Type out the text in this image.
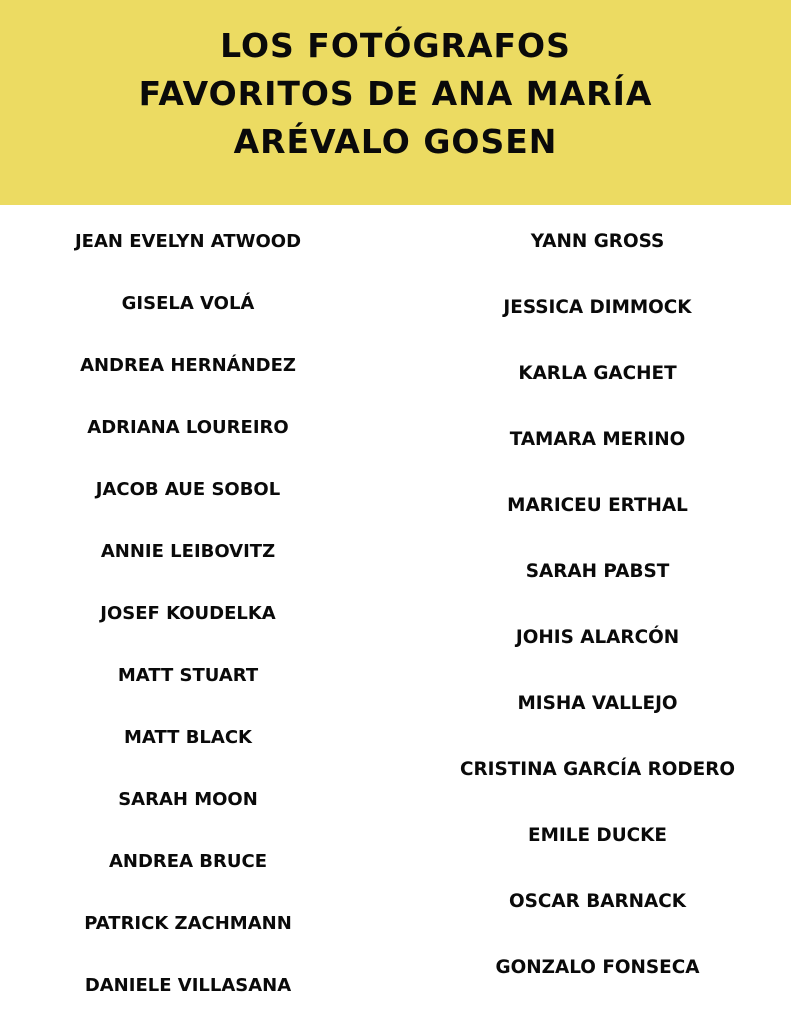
LOS FOTÓGRAFOS
FAVORITOS DE ANA MARÍA
ARÉVALO GOSEN
JEAN EVELYN ATWOOD
GISELA VOLÁ
ANDREA HERNÁNDEZ
ADRIANA LOUREIRO
JACOB AUE SOBOL
ANNIE LEIBOVITZ
JOSEF KOUDELKA
MATT STUART
MATT BLACK
SARAH MOON
ANDREA BRUCE
PATRICK ZACHMANN
DANIELE VILLASANA
YANN GROSS
JESSICA DIMMOCK
KARLA GACHET
TAMARA MERINO
MARICEU ERTHAL
SARAH PABST
JOHIS ALARCÓN
MISHA VALLEJO
CRISTINA GARCÍA RODERO
EMILE DUCKE
OSCAR BARNACK
GONZALO FONSECA
